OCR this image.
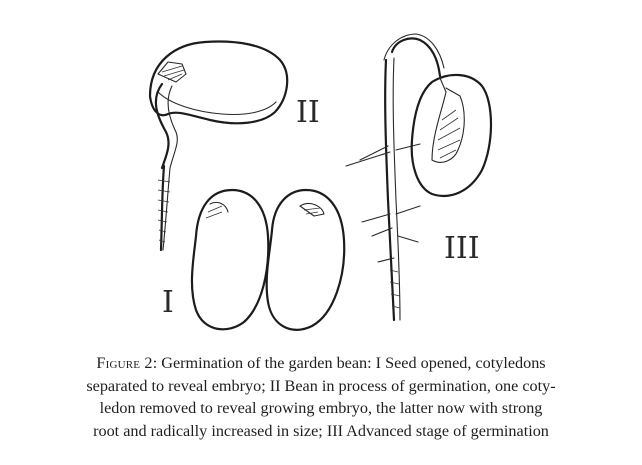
II
I
III
Figure 2: Germination of the garden bean: I Seed opened, cotyledons
separated to reveal embryo; II Bean in process of germination, one coty-
ledon removed to reveal growing embryo, the latter now with strong
root and radically increased in size; III Advanced stage of germination
